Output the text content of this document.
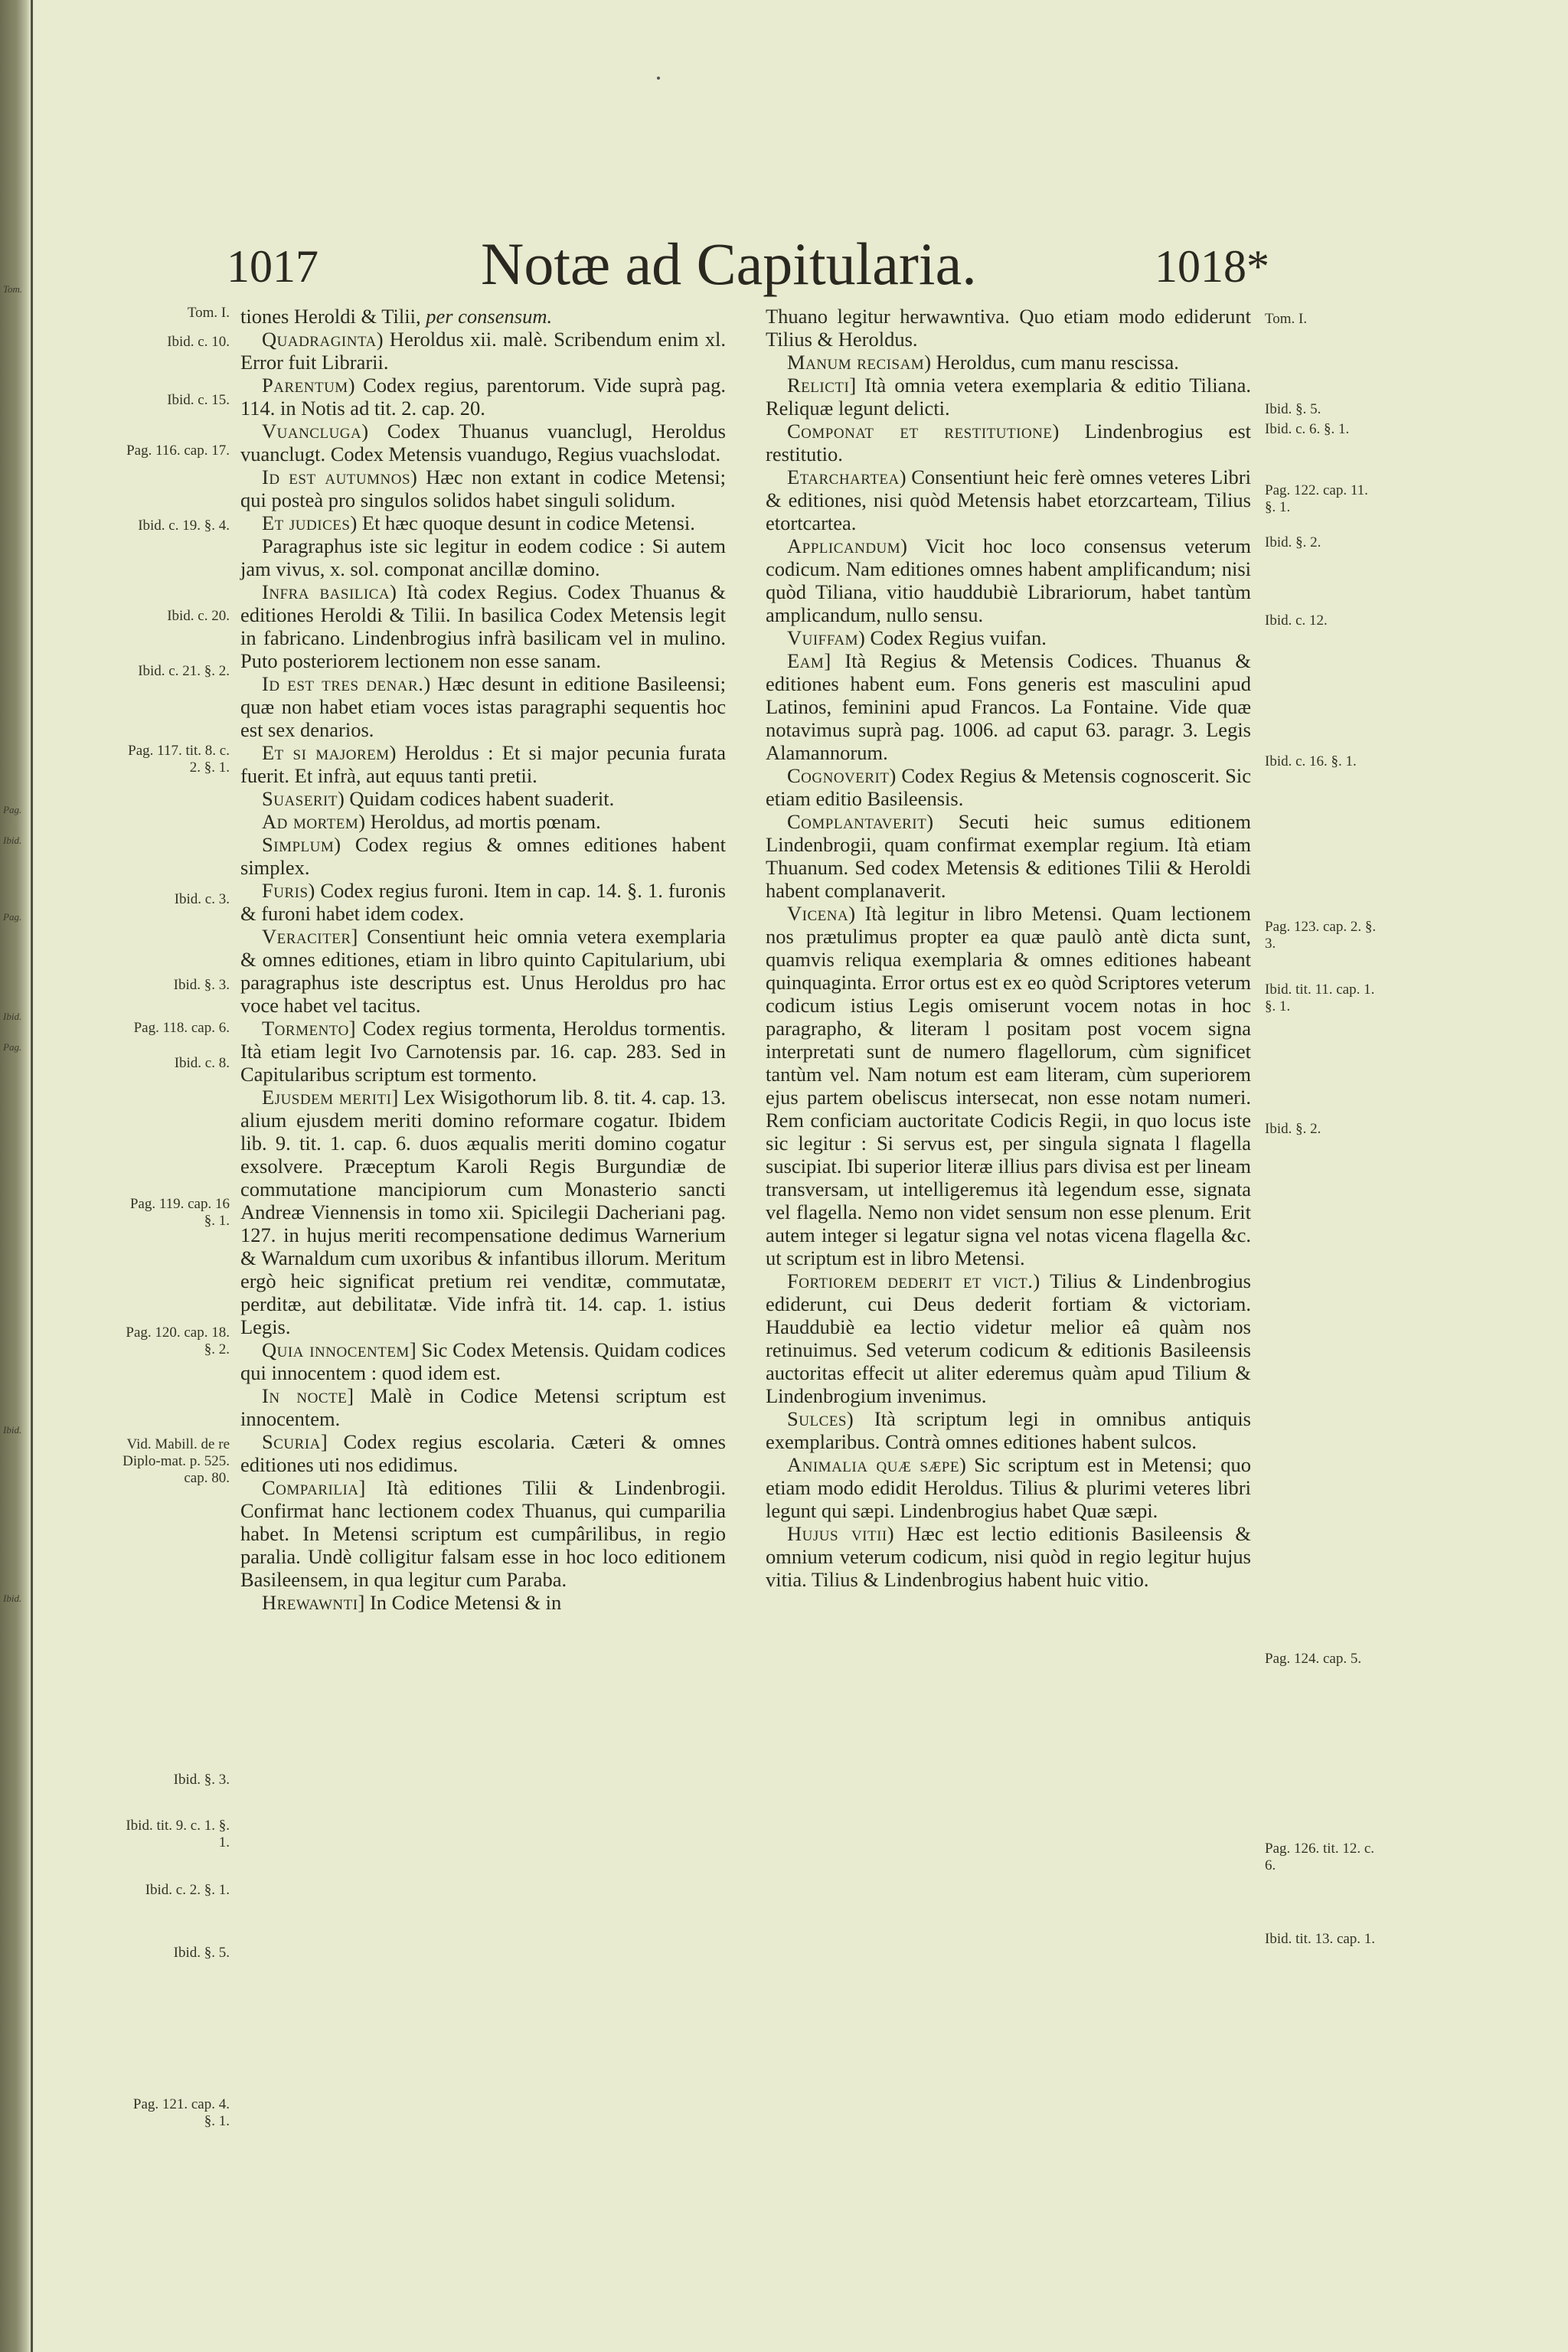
Tom.
Pag.
Ibid.
Pag.
Ibid.
Pag.
Ibid.
Ibid.
1017	Notæ ad Capitularia.	1018*
Tom. I.
Ibid. c. 10.
Ibid. c. 15.
Pag. 116. cap. 17.
Ibid. c. 19. §. 4.
Ibid. c. 20.
Ibid. c. 21. §. 2.
Pag. 117. tit. 8. c. 2. §. 1.
Ibid. c. 3.
Ibid. §. 3.
Pag. 118. cap. 6.
Ibid. c. 8.
Pag. 119. cap. 16 §. 1.
Pag. 120. cap. 18. §. 2.
Vid. Mabill. de re Diplo-mat. p. 525. cap. 80.
Ibid. §. 3.
Ibid. tit. 9. c. 1. §. 1.
Ibid. c. 2. §. 1.
Ibid. §. 5.
Pag. 121. cap. 4. §. 1.
Tom. I.
Ibid. §. 5.
Ibid. c. 6. §. 1.
Pag. 122. cap. 11. §. 1.
Ibid. §. 2.
Ibid. c. 12.
Ibid. c. 16. §. 1.
Pag. 123. cap. 2. §. 3.
Ibid. tit. 11. cap. 1. §. 1.
Ibid. §. 2.
Pag. 124. cap. 5.
Pag. 126. tit. 12. c. 6.
Ibid. tit. 13. cap. 1.

tiones Heroldi & Tilii, per consensum.

Quadraginta) Heroldus xii. malè. Scribendum enim xl. Error fuit Librarii.

Parentum) Codex regius, parentorum. Vide suprà pag. 114. in Notis ad tit. 2. cap. 20.

Vuancluga) Codex Thuanus vuanclugl, Heroldus vuanclugt. Codex Metensis vuandugo, Regius vuachslodat.

Id est autumnos) Hæc non extant in codice Metensi; qui posteà pro singulos solidos habet singuli solidum.

Et judices) Et hæc quoque desunt in codice Metensi.

Paragraphus iste sic legitur in eodem codice : Si autem jam vivus, x. sol. componat ancillæ domino.

Infra basilica) Ità codex Regius. Codex Thuanus & editiones Heroldi & Tilii. In basilica Codex Metensis legit in fabricano. Lindenbrogius infrà basilicam vel in mulino. Puto posteriorem lectionem non esse sanam.

Id est tres denar.) Hæc desunt in editione Basileensi; quæ non habet etiam voces istas paragraphi sequentis hoc est sex denarios.

Et si majorem) Heroldus : Et si major pecunia furata fuerit. Et infrà, aut equus tanti pretii.

Suaserit) Quidam codices habent suaderit.

Ad mortem) Heroldus, ad mortis pœnam.

Simplum) Codex regius & omnes editiones habent simplex.

Furis) Codex regius furoni. Item in cap. 14. §. 1. furonis & furoni habet idem codex.

Veraciter] Consentiunt heic omnia vetera exemplaria & omnes editiones, etiam in libro quinto Capitularium, ubi paragraphus iste descriptus est. Unus Heroldus pro hac voce habet vel tacitus.

Tormento] Codex regius tormenta, Heroldus tormentis. Ità etiam legit Ivo Carnotensis par. 16. cap. 283. Sed in Capitularibus scriptum est tormento.

Ejusdem meriti] Lex Wisigothorum lib. 8. tit. 4. cap. 13. alium ejusdem meriti domino reformare cogatur. Ibidem lib. 9. tit. 1. cap. 6. duos æqualis meriti domino cogatur exsolvere. Præceptum Karoli Regis Burgundiæ de commutatione mancipiorum cum Monasterio sancti Andreæ Viennensis in tomo xii. Spicilegii Dacheriani pag. 127. in hujus meriti recompensatione dedimus Warnerium & Warnaldum cum uxoribus & infantibus illorum. Meritum ergò heic significat pretium rei venditæ, commutatæ, perditæ, aut debilitatæ. Vide infrà tit. 14. cap. 1. istius Legis.

Quia innocentem] Sic Codex Metensis. Quidam codices qui innocentem : quod idem est.

In nocte] Malè in Codice Metensi scriptum est innocentem.

Scuria] Codex regius escolaria. Cæteri & omnes editiones uti nos edidimus.

Comparilia] Ità editiones Tilii & Lindenbrogii. Confirmat hanc lectionem codex Thuanus, qui cumparilia habet. In Metensi scriptum est cumpârilibus, in regio paralia. Undè colligitur falsam esse in hoc loco editionem Basileensem, in qua legitur cum Paraba.

Hrewawnti] In Codice Metensi & in

Thuano legitur herwawntiva. Quo etiam modo ediderunt Tilius & Heroldus.

Manum recisam) Heroldus, cum manu rescissa.

Relicti] Ità omnia vetera exemplaria & editio Tiliana. Reliquæ legunt delicti.

Componat et restitutione) Lindenbrogius est restitutio.

Etarchartea) Consentiunt heic ferè omnes veteres Libri & editiones, nisi quòd Metensis habet etorzcarteam, Tilius etortcartea.

Applicandum) Vicit hoc loco consensus veterum codicum. Nam editiones omnes habent amplificandum; nisi quòd Tiliana, vitio hauddubiè Librariorum, habet tantùm amplicandum, nullo sensu.

Vuiffam) Codex Regius vuifan.

Eam] Ità Regius & Metensis Codices. Thuanus & editiones habent eum. Fons generis est masculini apud Latinos, feminini apud Francos. La Fontaine. Vide quæ notavimus suprà pag. 1006. ad caput 63. paragr. 3. Legis Alamannorum.

Cognoverit) Codex Regius & Metensis cognoscerit. Sic etiam editio Basileensis.

Complantaverit) Secuti heic sumus editionem Lindenbrogii, quam confirmat exemplar regium. Ità etiam Thuanum. Sed codex Metensis & editiones Tilii & Heroldi habent complanaverit.

Vicena) Ità legitur in libro Metensi. Quam lectionem nos prætulimus propter ea quæ paulò antè dicta sunt, quamvis reliqua exemplaria & omnes editiones habeant quinquaginta. Error ortus est ex eo quòd Scriptores veterum codicum istius Legis omiserunt vocem notas in hoc paragrapho, & literam l positam post vocem signa interpretati sunt de numero flagellorum, cùm significet tantùm vel. Nam notum est eam literam, cùm superiorem ejus partem obeliscus intersecat, non esse notam numeri. Rem conficiam auctoritate Codicis Regii, in quo locus iste sic legitur : Si servus est, per singula signata l flagella suscipiat. Ibi superior literæ illius pars divisa est per lineam transversam, ut intelligeremus ità legendum esse, signata vel flagella. Nemo non videt sensum non esse plenum. Erit autem integer si legatur signa vel notas vicena flagella &c. ut scriptum est in libro Metensi.

Fortiorem dederit et vict.) Tilius & Lindenbrogius ediderunt, cui Deus dederit fortiam & victoriam. Hauddubiè ea lectio videtur melior eâ quàm nos retinuimus. Sed veterum codicum & editionis Basileensis auctoritas effecit ut aliter ederemus quàm apud Tilium & Lindenbrogium invenimus.

Sulces) Ità scriptum legi in omnibus antiquis exemplaribus. Contrà omnes editiones habent sulcos.

Animalia quæ sæpe) Sic scriptum est in Metensi; quo etiam modo edidit Heroldus. Tilius & plurimi veteres libri legunt qui sæpi. Lindenbrogius habet Quæ sæpi.

Hujus vitii) Hæc est lectio editionis Basileensis & omnium veterum codicum, nisi quòd in regio legitur hujus vitia. Tilius & Lindenbrogius habent huic vitio.
